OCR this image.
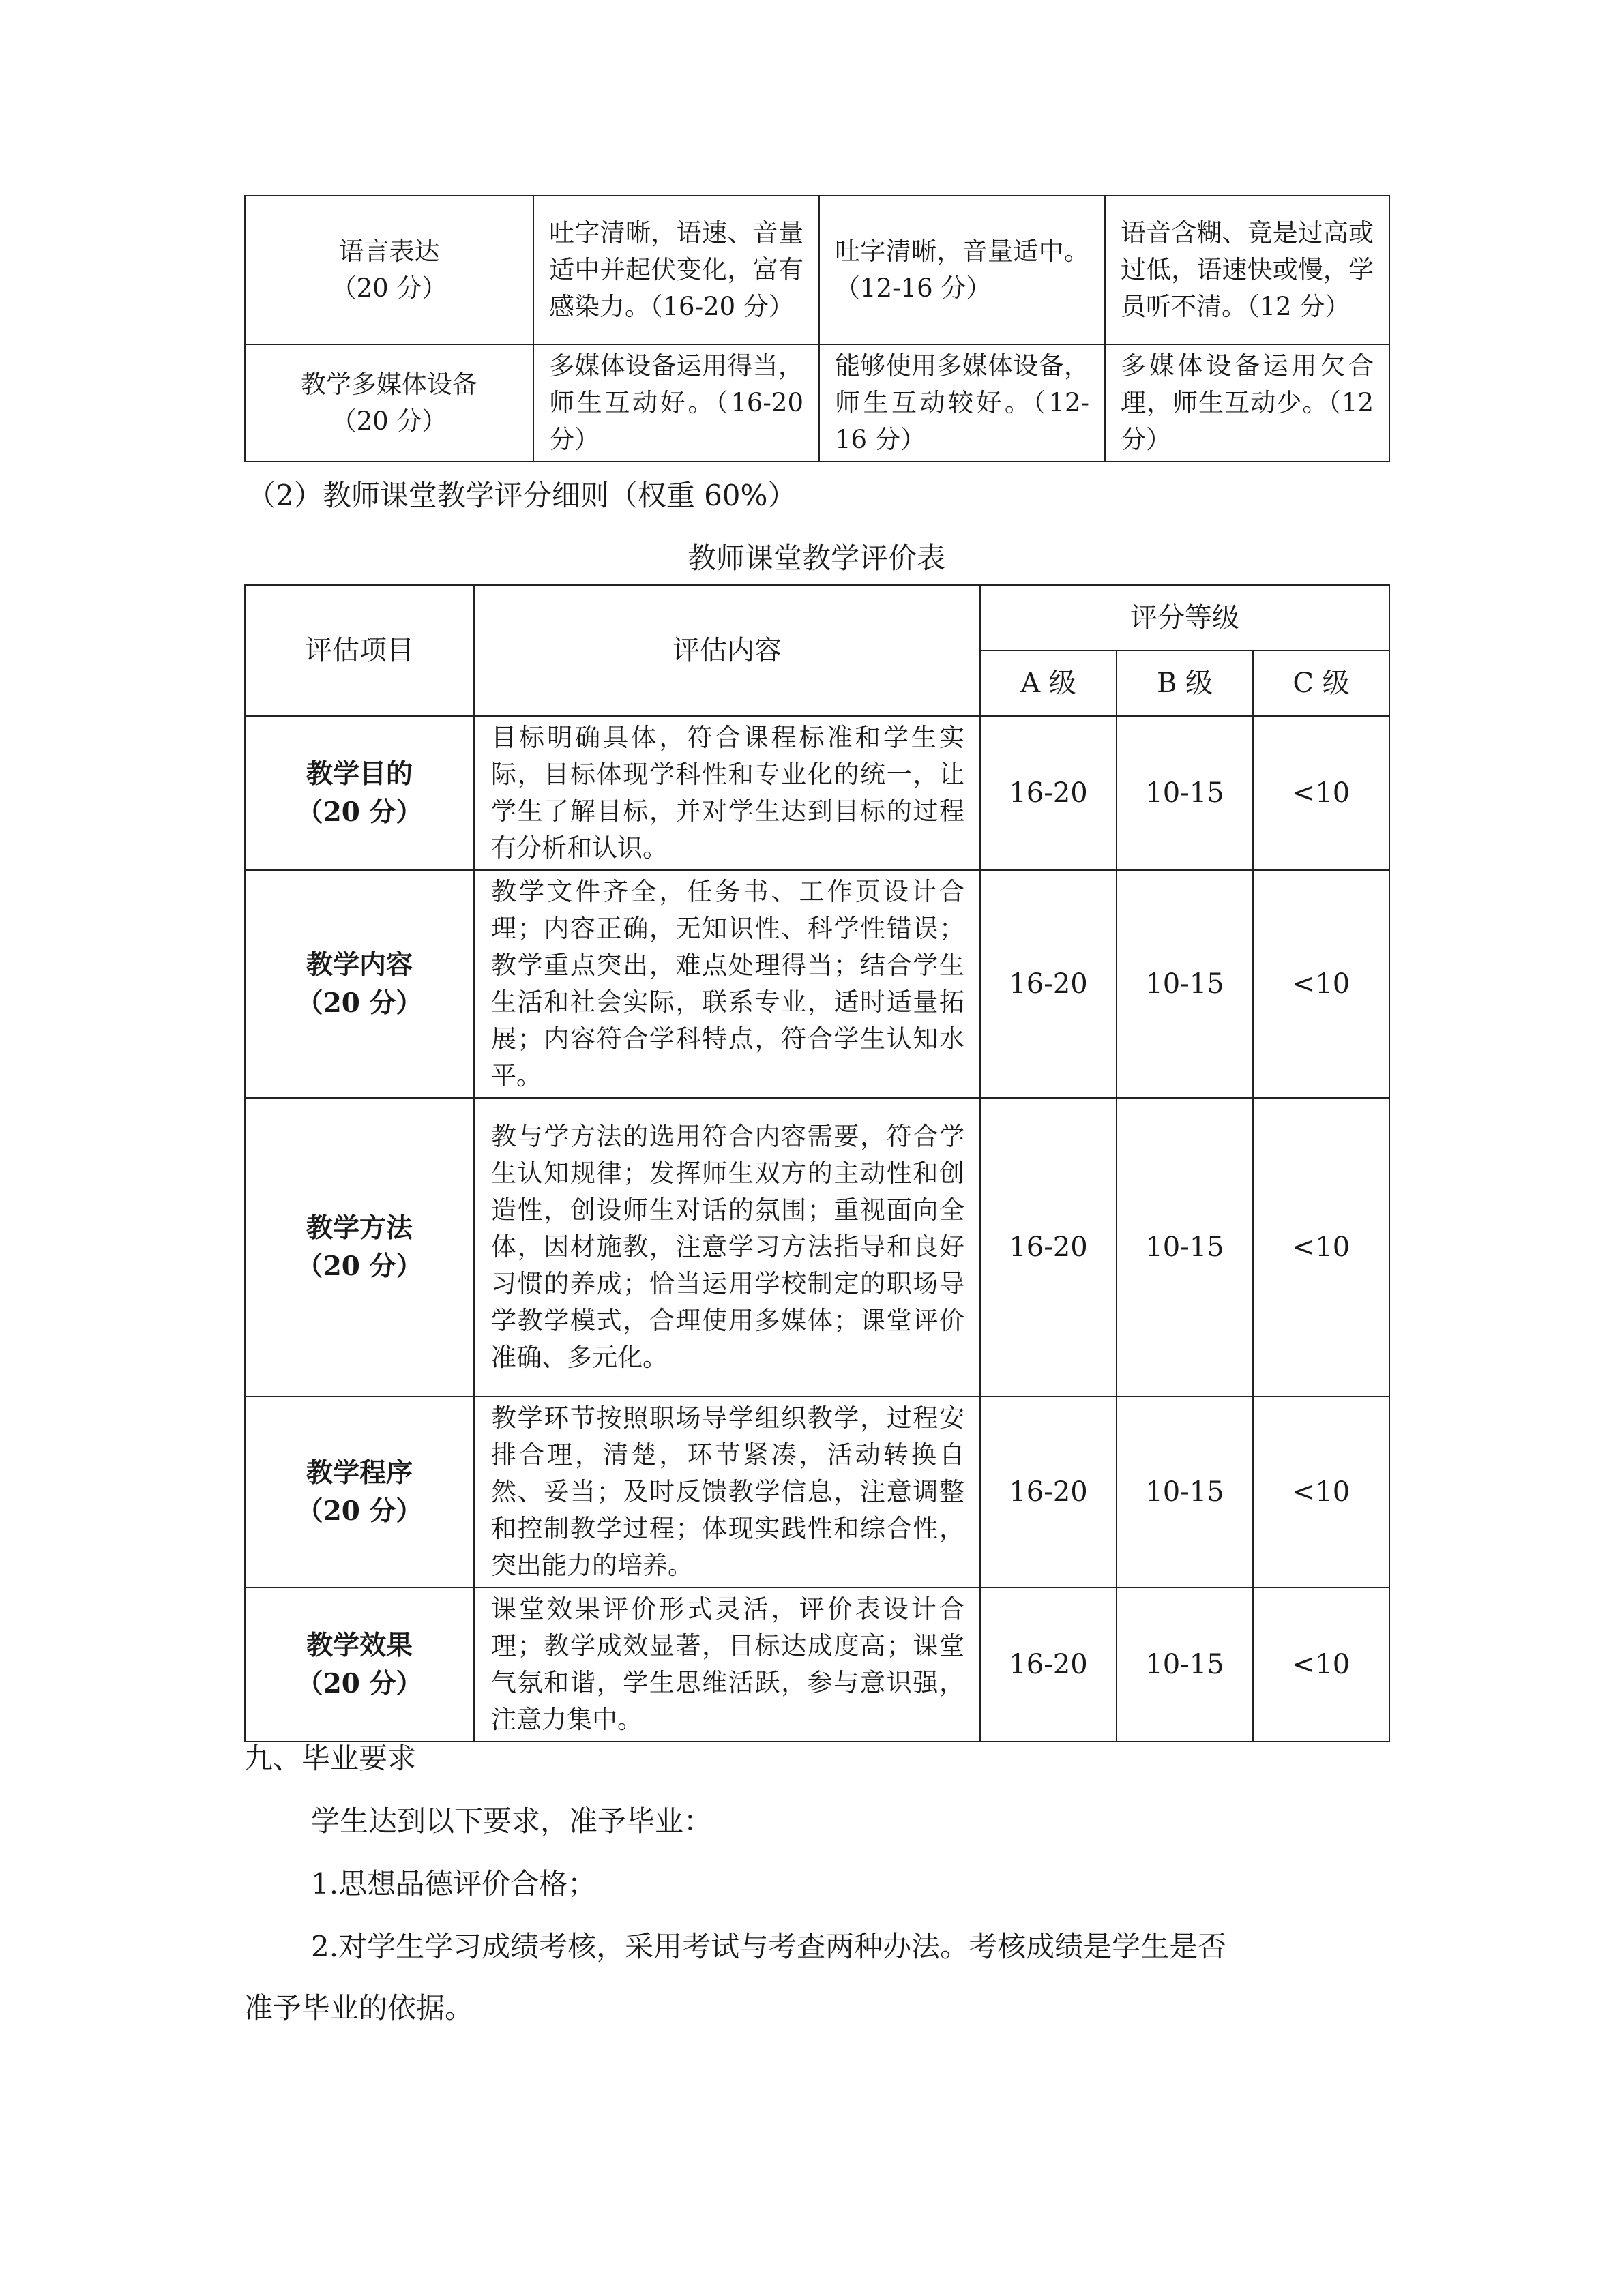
语言表达
（20 分）	吐字清晰，语速、音量适中并起伏变化，富有感染力。（16-20 分）	吐字清晰，音量适中。（12-16 分）	语音含糊、竟是过高或过低，语速快或慢，学员听不清。（12 分）

教学多媒体设备
（20 分）	多媒体设备运用得当，师生互动好。（16-20 分）	能够使用多媒体设备，师生互动较好。（12-16 分）	多媒体设备运用欠合理，师生互动少。（12 分）
（2）教师课堂教学评分细则（权重 60%）
教师课堂教学评价表
评估项目	评估内容	评分等级		
		A 级	B 级	C 级

教学目的
（20 分）	目标明确具体，符合课程标准和学生实际，目标体现学科性和专业化的统一，让学生了解目标，并对学生达到目标的过程有分析和认识。	16-20	10-15	<10

教学内容
（20 分）	教学文件齐全，任务书、工作页设计合理；内容正确，无知识性、科学性错误；教学重点突出，难点处理得当；结合学生生活和社会实际，联系专业，适时适量拓展；内容符合学科特点，符合学生认知水平。	16-20	10-15	<10

教学方法
（20 分）	教与学方法的选用符合内容需要，符合学生认知规律；发挥师生双方的主动性和创造性，创设师生对话的氛围；重视面向全体，因材施教，注意学习方法指导和良好习惯的养成；恰当运用学校制定的职场导学教学模式，合理使用多媒体；课堂评价准确、多元化。	16-20	10-15	<10

教学程序
（20 分）	教学环节按照职场导学组织教学，过程安排合理，清楚，环节紧凑，活动转换自然、妥当；及时反馈教学信息，注意调整和控制教学过程；体现实践性和综合性，突出能力的培养。	16-20	10-15	<10

教学效果
（20 分）	课堂效果评价形式灵活，评价表设计合理；教学成效显著，目标达成度高；课堂气氛和谐，学生思维活跃，参与意识强，注意力集中。	16-20	10-15	<10
九、毕业要求
学生达到以下要求，准予毕业：
1.思想品德评价合格；
2.对学生学习成绩考核，采用考试与考查两种办法。考核成绩是学生是否
准予毕业的依据。
